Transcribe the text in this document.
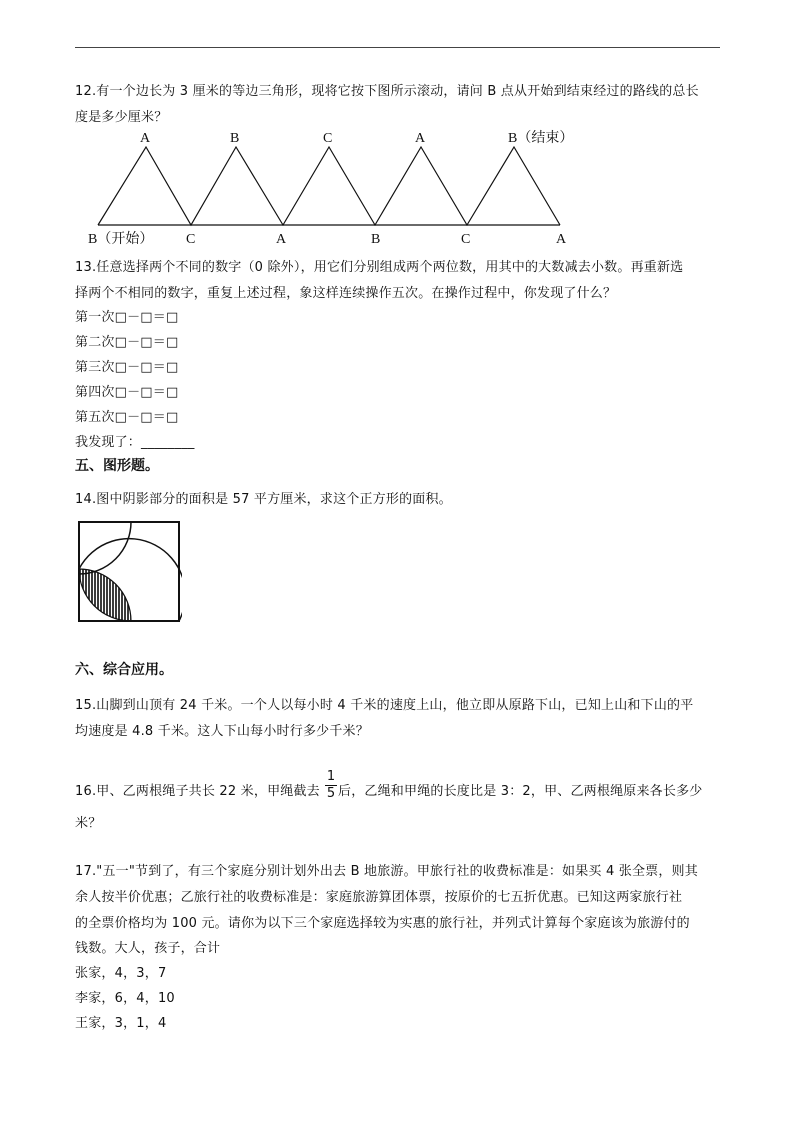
12.有一个边长为 3 厘米的等边三角形，现将它按下图所示滚动，请问 B 点从开始到结束经过的路线的总长
度是多少厘米？
A	B	C	A	B（结束）
B（开始） C	A	B	C	A
13.任意选择两个不同的数字（0 除外），用它们分别组成两个两位数，用其中的大数减去小数。再重新选
择两个不相同的数字，重复上述过程，象这样连续操作五次。在操作过程中，你发现了什么？
第一次□－□＝□
第二次□－□＝□
第三次□－□＝□
第四次□－□＝□
第五次□－□＝□
我发现了：________
五、图形题。
14.图中阴影部分的面积是 57 平方厘米，求这个正方形的面积。
六、综合应用。
15.山脚到山顶有 24 千米。一个人以每小时 4 千米的速度上山，他立即从原路下山，已知上山和下山的平
均速度是 4.8 千米。这人下山每小时行多少千米？
16.甲、乙两根绳子共长 22 米，甲绳截去
1
5 后，乙绳和甲绳的长度比是 3：2，甲、乙两根绳原来各长多少
米？
17."五一"节到了，有三个家庭分别计划外出去 B 地旅游。甲旅行社的收费标准是：如果买 4 张全票，则其
余人按半价优惠；乙旅行社的收费标准是：家庭旅游算团体票，按原价的七五折优惠。已知这两家旅行社
的全票价格均为 100 元。请你为以下三个家庭选择较为实惠的旅行社，并列式计算每个家庭该为旅游付的
钱数。大人，孩子，合计
张家，4，3，7
李家，6，4，10
王家，3，1，4
